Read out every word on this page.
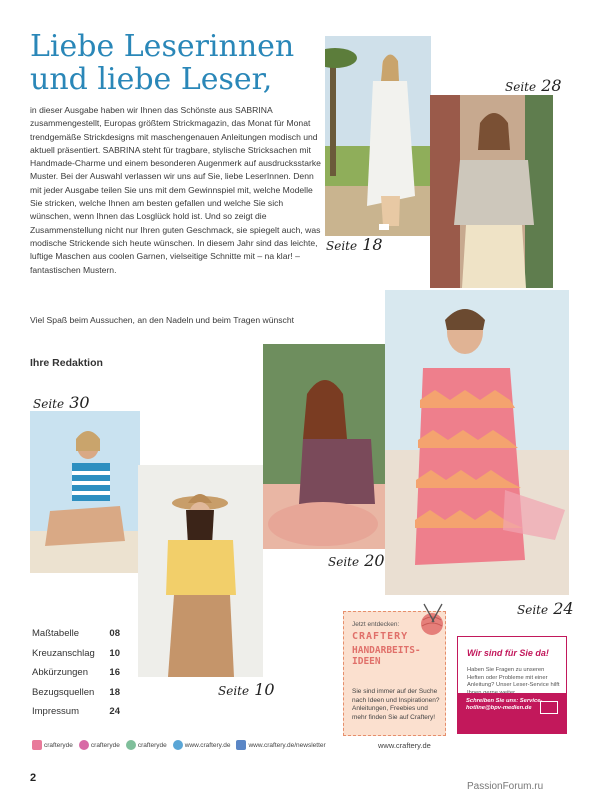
Liebe Leserinnen
und liebe Leser,
in dieser Ausgabe haben wir Ihnen das Schönste aus SABRINA zusammengestellt, Europas größtem Strickmagazin, das Monat für Monat trendgemäße Strickdesigns mit maschengenauen Anleitungen modisch und aktuell präsentiert. SABRINA steht für tragbare, stylische Stricksachen mit Handmade-Charme und einem besonderen Augenmerk auf ausdrucksstarke Muster. Bei der Auswahl verlassen wir uns auf Sie, liebe LeserInnen. Denn mit jeder Ausgabe teilen Sie uns mit dem Gewinnspiel mit, welche Modelle Sie stricken, welche Ihnen am besten gefallen und welche Sie sich wünschen, wenn Ihnen das Losglück hold ist. Und so zeigt die Zusammenstellung nicht nur Ihren guten Geschmack, sie spiegelt auch, was modische Strickende sich heute wünschen. In diesem Jahr sind das leichte, luftige Maschen aus coolen Garnen, vielseitige Schnitte mit – na klar! – fantastischen Mustern.
Viel Spaß beim Aussuchen, an den Nadeln und beim Tragen wünscht
Ihre Redaktion
Seite 18
Seite 28
Seite 30
Seite 10
Seite 20
Seite 24
Maßtabelle	08
Kreuzanschlag 10
Abkürzungen 16
Bezugsquellen 18
Impressum	24
crafteryde	crafteryde	crafteryde	www.craftery.de	www.craftery.de/newsletter
Jetzt entdecken:
CRAFTERY
HANDARBEITS-IDEEN
Sie sind immer auf der Suche nach Ideen und Inspirationen? Anleitungen, Freebies und mehr finden Sie auf Craftery!
www.craftery.de
Wir sind für Sie da!
Haben Sie Fragen zu unseren Heften oder Probleme mit einer Anleitung? Unser Leser-Service hilft
Schreiben Sie uns: Service-hotline@bpv-medien.de
2
PassionForum.ru
